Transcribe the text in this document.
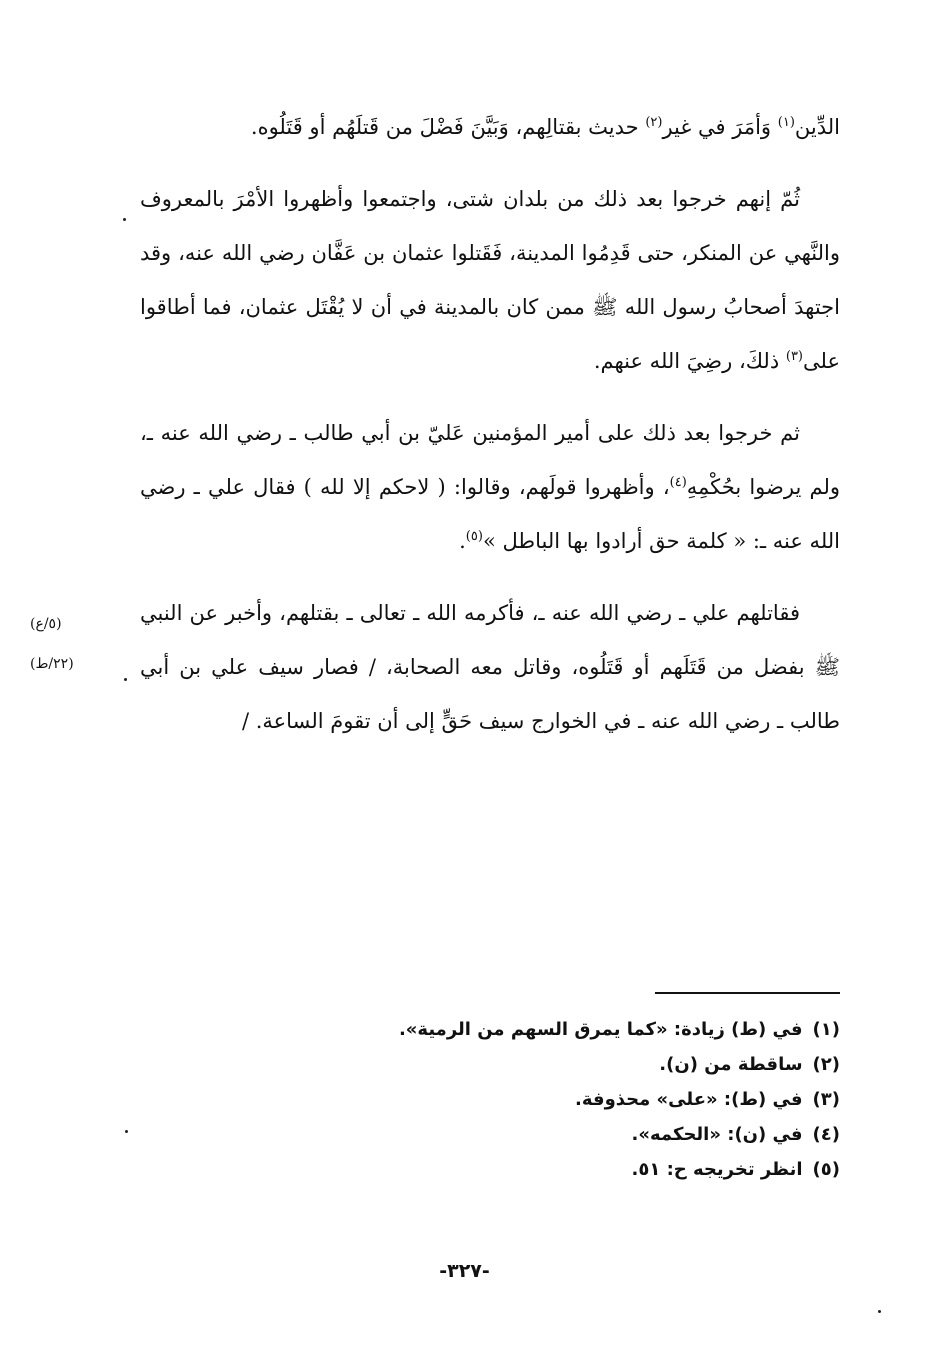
الدِّين$^{(١)}$ وَأمَرَ في غير$^{(٢)}$ حديث بقتالِهم، وَبَيَّنَ فَضْلَ من قَتلَهُم أو قَتَلُوه.

ثُمّ إنهم خرجوا بعد ذلك من بلدان شتى، واجتمعوا وأظهروا الأمْرَ بالمعروف والنَّهي عن المنكر، حتى قَدِمُوا المدينة، فَقَتلوا عثمان بن عَفَّان رضي الله عنه، وقد اجتهدَ أصحابُ رسول الله ﷺ ممن كان بالمدينة في أن لا يُقْتَل عثمان، فما أطاقوا على$^{(٣)}$ ذلكَ، رضِيَ الله عنهم.

ثم خرجوا بعد ذلك على أمير المؤمنين عَليّ بن أبي طالب ـ رضي الله عنه ـ، ولم يرضوا بحُكْمِهِ$^{(٤)}$، وأظهروا قولَهم، وقالوا: ( لاحكم إلا لله ) فقال علي ـ رضي الله عنه ـ: « كلمة حق أرادوا بها الباطل »$^{(٥)}$.

فقاتلهم علي ـ رضي الله عنه ـ، فأكرمه الله ـ تعالى ـ بقتلهم، وأخبر عن النبي ﷺ بفضل من قَتَلَهم أو قَتَلُوه، وقاتل معه الصحابة، / فصار سيف علي بن أبي طالب ـ رضي الله عنه ـ في الخوارج سيف حَقٍّ إلى أن تقومَ الساعة. /

(٥/ع)
(٢٢/ط)
(١)في (ط) زيادة: «كما يمرق السهم من الرمية».
(٢)ساقطة من (ن).
(٣)في (ط): «على» محذوفة.
(٤)في (ن): «الحكمه».
(٥)انظر تخريجه ح: ٥١.
-٣٢٧-
